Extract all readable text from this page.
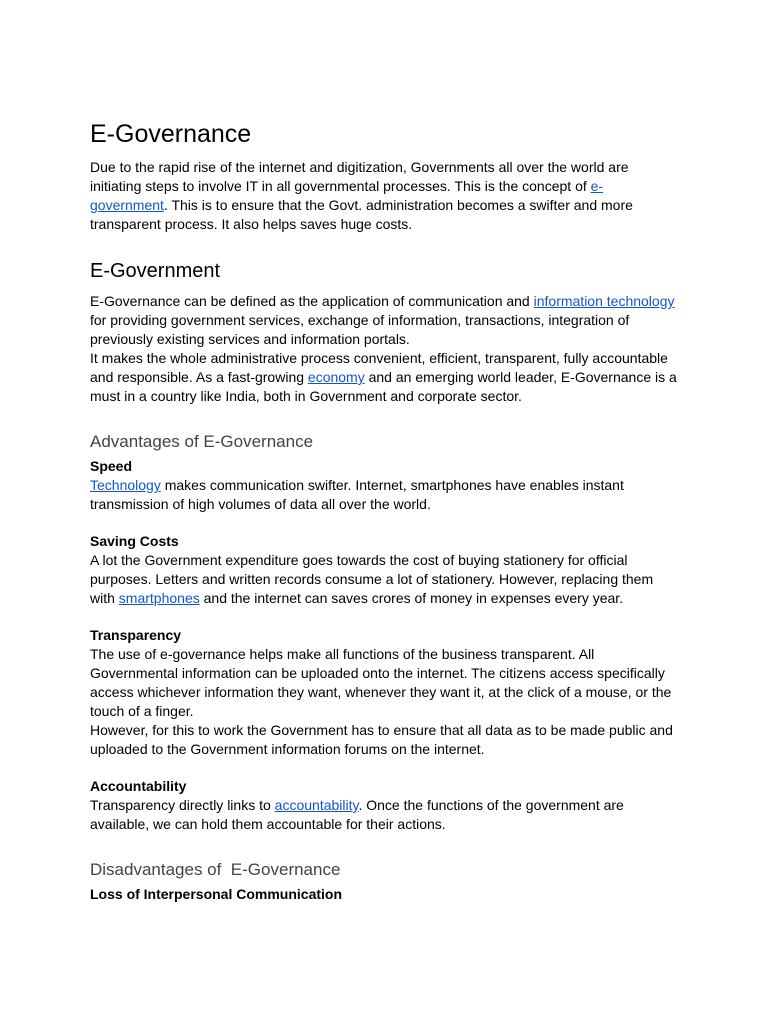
E-Governance

Due to the rapid rise of the internet and digitization, Governments all over the world are initiating steps to involve IT in all governmental processes. This is the concept of e-government. This is to ensure that the Govt. administration becomes a swifter and more transparent process. It also helps saves huge costs.

E-Government

E-Governance can be defined as the application of communication and information technology for providing government services, exchange of information, transactions, integration of previously existing services and information portals.

It makes the whole administrative process convenient, efficient, transparent, fully accountable and responsible. As a fast-growing economy and an emerging world leader, E-Governance is a must in a country like India, both in Government and corporate sector.

Advantages of E-Governance

Speed

Technology makes communication swifter. Internet, smartphones have enables instant transmission of high volumes of data all over the world.

Saving Costs

A lot the Government expenditure goes towards the cost of buying stationery for official purposes. Letters and written records consume a lot of stationery. However, replacing them with smartphones and the internet can saves crores of money in expenses every year.

Transparency

The use of e-governance helps make all functions of the business transparent. All Governmental information can be uploaded onto the internet. The citizens access specifically access whichever information they want, whenever they want it, at the click of a mouse, or the touch of a finger.

However, for this to work the Government has to ensure that all data as to be made public and uploaded to the Government information forums on the internet.

Accountability

Transparency directly links to accountability. Once the functions of the government are available, we can hold them accountable for their actions.

Disadvantages of  E-Governance

Loss of Interpersonal Communication
